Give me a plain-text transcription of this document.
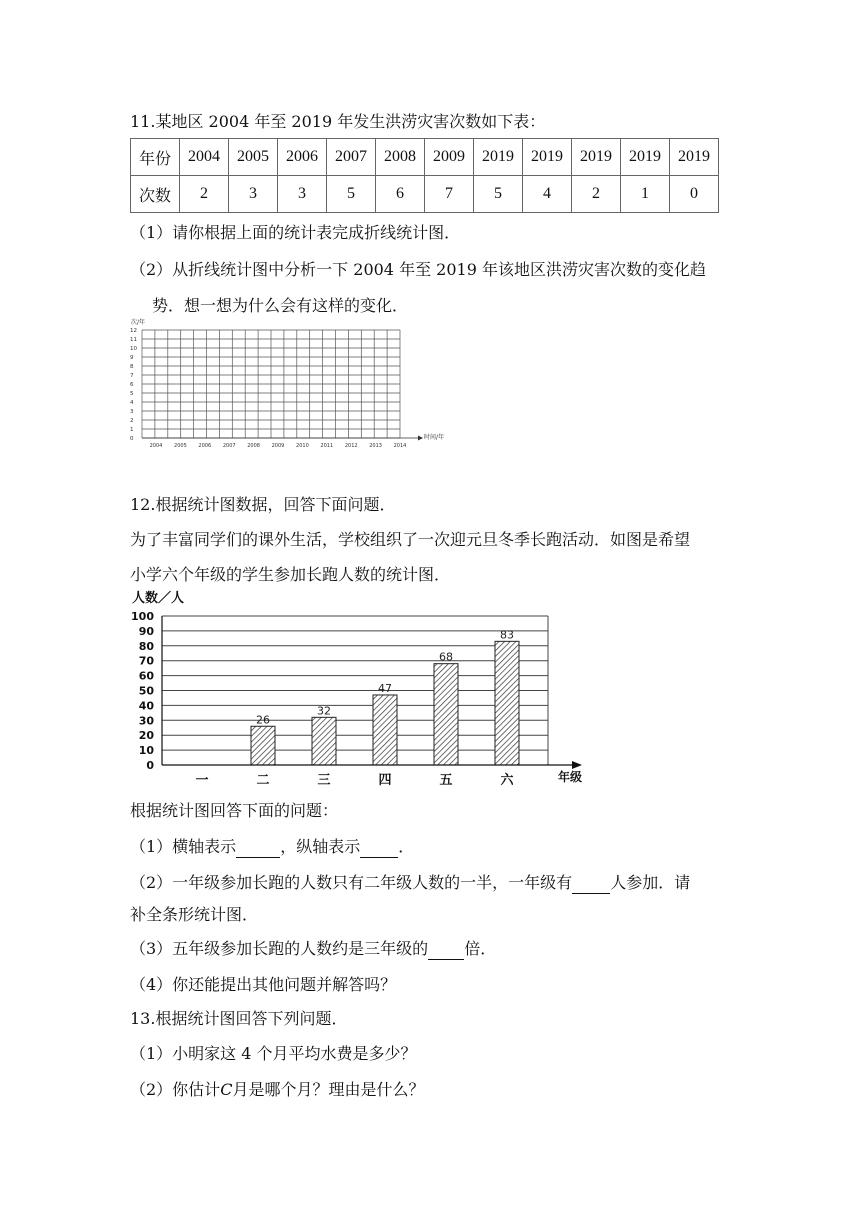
11.某地区 2004 年至 2019 年发生洪涝灾害次数如下表：
年份	2004	2005	2006	2007	2008	2009	2019	2019	2019	2019	2019
次数	2	3	3	5	6	7	5	4	2	1	0
（1）请你根据上面的统计表完成折线统计图．
（2）从折线统计图中分析一下 2004 年至 2019 年该地区洪涝灾害次数的变化趋
势．想一想为什么会有这样的变化．
次/年
时间/年
0
1
2
3
4
5
6
7
8
9
10
11
12
2004 2005 2006 2007 2008 2009 2010 2011 2012 2013 2014
12.根据统计图数据，回答下面问题．
为了丰富同学们的课外生活，学校组织了一次迎元旦冬季长跑活动．如图是希望
小学六个年级的学生参加长跑人数的统计图．
人数／人
年级
0
10
20
30
40
50
60
70
80
90
100
26
32
47
68
83
一	二	三	四	五	六
根据统计图回答下面的问题：
（1）横轴表示	，纵轴表示 ．
（2）一年级参加长跑的人数只有二年级人数的一半，一年级有 人参加．请
补全条形统计图．
（3）五年级参加长跑的人数约是三年级的 倍．
（4）你还能提出其他问题并解答吗？
13.根据统计图回答下列问题．
（1）小明家这 4 个月平均水费是多少？
（2）你估计C月是哪个月？理由是什么？
